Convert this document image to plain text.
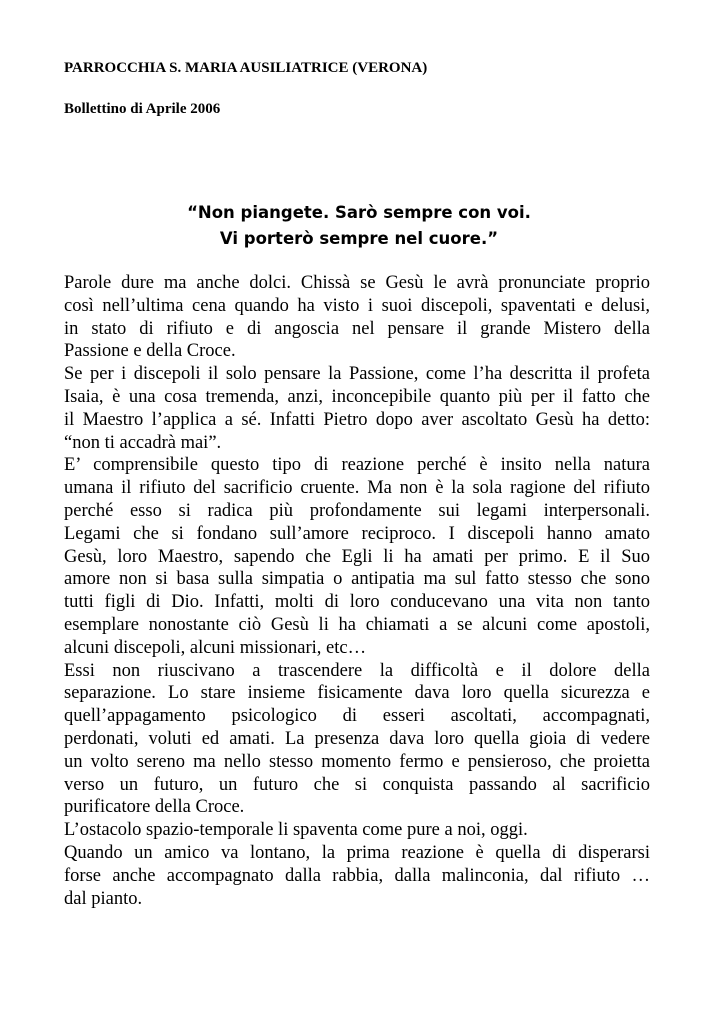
PARROCCHIA S. MARIA AUSILIATRICE (VERONA)
Bollettino di Aprile 2006
“Non piangete. Sarò sempre con voi.
Vi porterò sempre nel cuore.”

Parole dure ma anche dolci. Chissà se Gesù le avrà pronunciate proprio
così nell’ultima cena quando ha visto i suoi discepoli, spaventati e delusi,
in stato di rifiuto e di angoscia nel pensare il grande Mistero della
Passione e della Croce.

Se per i discepoli il solo pensare la Passione, come l’ha descritta il profeta
Isaia, è una cosa tremenda, anzi, inconcepibile quanto più per il fatto che
il Maestro l’applica a sé. Infatti Pietro dopo aver ascoltato Gesù ha detto:
“non ti accadrà mai”.

E’ comprensibile questo tipo di reazione perché è insito nella natura
umana il rifiuto del sacrificio cruente. Ma non è la sola ragione del rifiuto
perché esso si radica più profondamente sui legami interpersonali.
Legami che si fondano sull’amore reciproco. I discepoli hanno amato
Gesù, loro Maestro, sapendo che Egli li ha amati per primo. E il Suo
amore non si basa sulla simpatia o antipatia ma sul fatto stesso che sono
tutti figli di Dio. Infatti, molti di loro conducevano una vita non tanto
esemplare nonostante ciò Gesù li ha chiamati a se alcuni come apostoli,
alcuni discepoli, alcuni missionari, etc…

Essi non riuscivano a trascendere la difficoltà e il dolore della
separazione. Lo stare insieme fisicamente dava loro quella sicurezza e
quell’appagamento psicologico di esseri ascoltati, accompagnati,
perdonati, voluti ed amati. La presenza dava loro quella gioia di vedere
un volto sereno ma nello stesso momento fermo e pensieroso, che proietta
verso un futuro, un futuro che si conquista passando al sacrificio
purificatore della Croce.

L’ostacolo spazio-temporale li spaventa come pure a noi, oggi.

Quando un amico va lontano, la prima reazione è quella di disperarsi
forse anche accompagnato dalla rabbia, dalla malinconia, dal rifiuto …
dal pianto.
